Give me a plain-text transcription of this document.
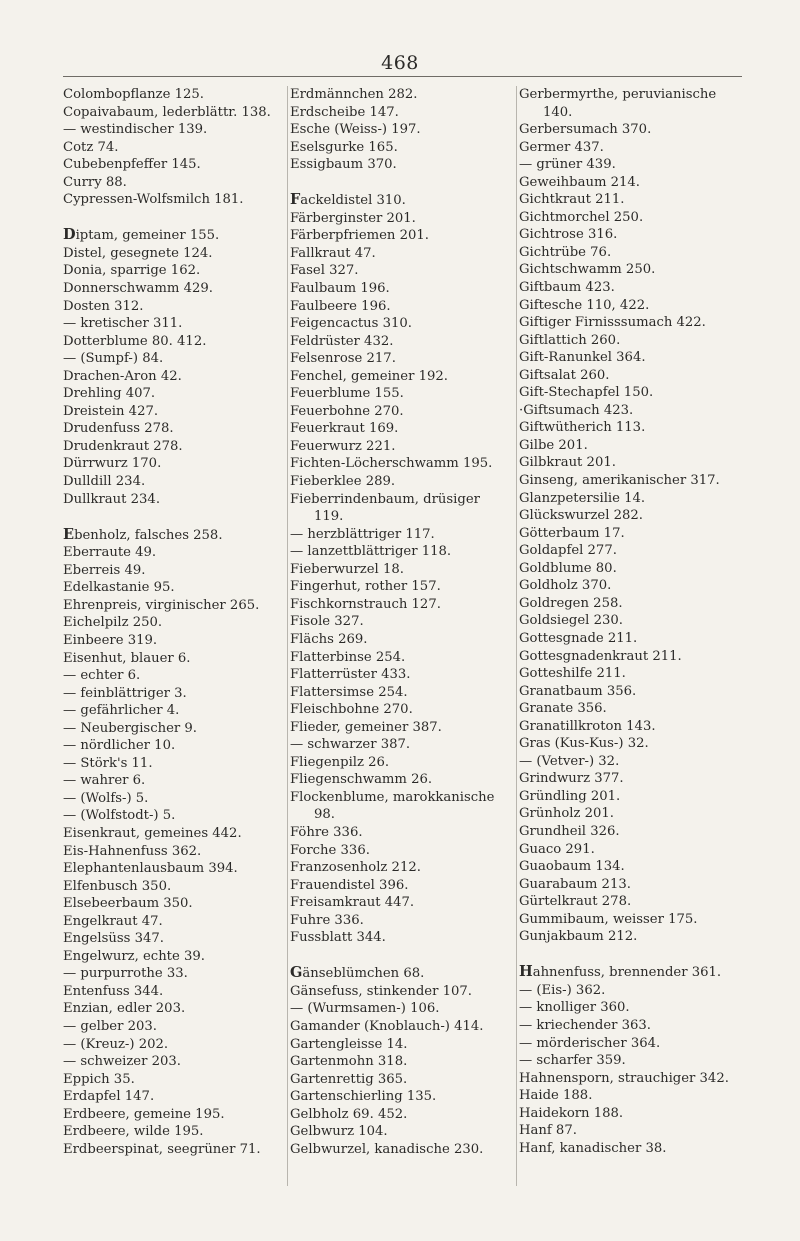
468
Colombopflanze 125.
Copaivabaum, lederblättr. 138.
— westindischer 139.
Cotz 74.
Cubebenpfeffer 145.
Curry 88.
Cypressen-Wolfsmilch 181.
Diptam, gemeiner 155.
Distel, gesegnete 124.
Donia, sparrige 162.
Donnerschwamm 429.
Dosten 312.
— kretischer 311.
Dotterblume 80. 412.
— (Sumpf-) 84.
Drachen-Aron 42.
Drehling 407.
Dreistein 427.
Drudenfuss 278.
Drudenkraut 278.
Dürrwurz 170.
Dulldill 234.
Dullkraut 234.
Ebenholz, falsches 258.
Eberraute 49.
Eberreis 49.
Edelkastanie 95.
Ehrenpreis, virginischer 265.
Eichelpilz 250.
Einbeere 319.
Eisenhut, blauer 6.
— echter 6.
— feinblättriger 3.
— gefährlicher 4.
— Neubergischer 9.
— nördlicher 10.
— Störk's 11.
— wahrer 6.
— (Wolfs-) 5.
— (Wolfstodt-) 5.
Eisenkraut, gemeines 442.
Eis-Hahnenfuss 362.
Elephantenlausbaum 394.
Elfenbusch 350.
Elsebeerbaum 350.
Engelkraut 47.
Engelsüss 347.
Engelwurz, echte 39.
— purpurrothe 33.
Entenfuss 344.
Enzian, edler 203.
— gelber 203.
— (Kreuz-) 202.
— schweizer 203.
Eppich 35.
Erdapfel 147.
Erdbeere, gemeine 195.
Erdbeere, wilde 195.
Erdbeerspinat, seegrüner 71.
Erdmännchen 282.
Erdscheibe 147.
Esche (Weiss-) 197.
Eselsgurke 165.
Essigbaum 370.
Fackeldistel 310.
Färberginster 201.
Färberpfriemen 201.
Fallkraut 47.
Fasel 327.
Faulbaum 196.
Faulbeere 196.
Feigencactus 310.
Feldrüster 432.
Felsenrose 217.
Fenchel, gemeiner 192.
Feuerblume 155.
Feuerbohne 270.
Feuerkraut 169.
Feuerwurz 221.
Fichten-Löcherschwamm 195.
Fieberklee 289.
Fieberrindenbaum, drüsiger
119.
— herzblättriger 117.
— lanzettblättriger 118.
Fieberwurzel 18.
Fingerhut, rother 157.
Fischkornstrauch 127.
Fisole 327.
Flächs 269.
Flatterbinse 254.
Flatterrüster 433.
Flattersimse 254.
Fleischbohne 270.
Flieder, gemeiner 387.
— schwarzer 387.
Fliegenpilz 26.
Fliegenschwamm 26.
Flockenblume, marokkanische
98.
Föhre 336.
Forche 336.
Franzosenholz 212.
Frauendistel 396.
Freisamkraut 447.
Fuhre 336.
Fussblatt 344.
Gänseblümchen 68.
Gänsefuss, stinkender 107.
— (Wurmsamen-) 106.
Gamander (Knoblauch-) 414.
Gartengleisse 14.
Gartenmohn 318.
Gartenrettig 365.
Gartenschierling 135.
Gelbholz 69. 452.
Gelbwurz 104.
Gelbwurzel, kanadische 230.
Gerbermyrthe, peruvianische
140.
Gerbersumach 370.
Germer 437.
— grüner 439.
Geweihbaum 214.
Gichtkraut 211.
Gichtmorchel 250.
Gichtrose 316.
Gichtrübe 76.
Gichtschwamm 250.
Giftbaum 423.
Giftesche 110, 422.
Giftiger Firnisssumach 422.
Giftlattich 260.
Gift-Ranunkel 364.
Giftsalat 260.
Gift-Stechapfel 150.
·Giftsumach 423.
Giftwütherich 113.
Gilbe 201.
Gilbkraut 201.
Ginseng, amerikanischer 317.
Glanzpetersilie 14.
Glückswurzel 282.
Götterbaum 17.
Goldapfel 277.
Goldblume 80.
Goldholz 370.
Goldregen 258.
Goldsiegel 230.
Gottesgnade 211.
Gottesgnadenkraut 211.
Gotteshilfe 211.
Granatbaum 356.
Granate 356.
Granatillkroton 143.
Gras (Kus-Kus-) 32.
— (Vetver-) 32.
Grindwurz 377.
Gründling 201.
Grünholz 201.
Grundheil 326.
Guaco 291.
Guaobaum 134.
Guarabaum 213.
Gürtelkraut 278.
Gummibaum, weisser 175.
Gunjakbaum 212.
Hahnenfuss, brennender 361.
— (Eis-) 362.
— knolliger 360.
— kriechender 363.
— mörderischer 364.
— scharfer 359.
Hahnensporn, strauchiger 342.
Haide 188.
Haidekorn 188.
Hanf 87.
Hanf, kanadischer 38.
